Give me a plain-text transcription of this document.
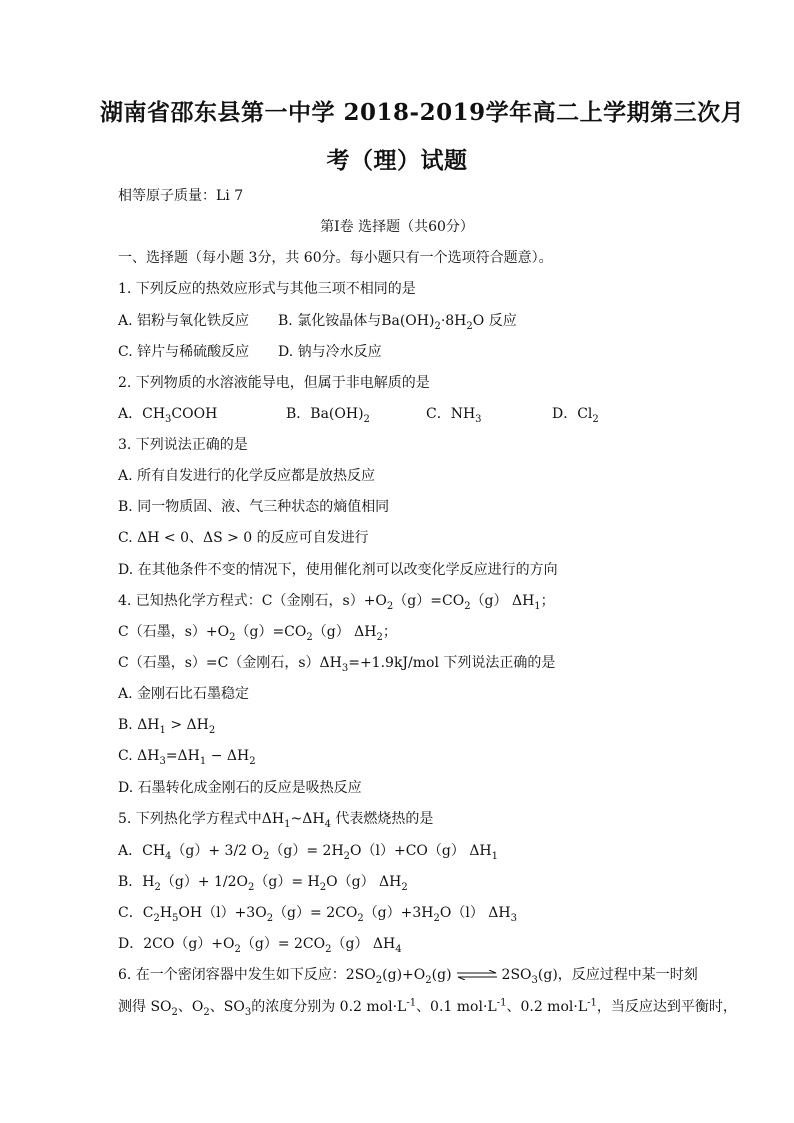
湖南省邵东县第一中学 2018-2019学年高二上学期第三次月
考（理）试题
相等原子质量：Li 7
第Ⅰ卷 选择题（共60分）
一、选择题（每小题 3分，共 60分。每小题只有一个选项符合题意）。
1. 下列反应的热效应形式与其他三项不相同的是
A. 铝粉与氧化铁反应 B. 氯化铵晶体与$Ba(OH)_2\cdot 8H_2O$ 反应
C. 锌片与稀硫酸反应 D. 钠与冷水反应
2. 下列物质的水溶液能导电，但属于非电解质的是
A．$CH_3COOH$	B．$Ba(OH)_2$	C．$NH_3$	D．$Cl_2$
3. 下列说法正确的是
A. 所有自发进行的化学反应都是放热反应
B. 同一物质固、液、气三种状态的熵值相同
C. ΔH < 0、ΔS > 0 的反应可自发进行
D. 在其他条件不变的情况下，使用催化剂可以改变化学反应进行的方向
4. 已知热化学方程式：C（金刚石，$s)+O_2(g)=CO_2(g)$ $\Delta H_1$；
C（石墨，$s)+O_2(g)=CO_2(g)$ $\Delta H_2$；
C（石墨，s）=C（金刚石，$s)\Delta H_3=+1.9kJ$/mol 下列说法正确的是
A. 金刚石比石墨稳定
B. $\Delta H_1 > \Delta H_2$
C. $\Delta H_3=\Delta H_1 - \Delta H_2$
D. 石墨转化成金刚石的反应是吸热反应
5. 下列热化学方程式中$\Delta H_1\sim\Delta H_4$ 代表燃烧热的是
A．$CH_4(g)+ 3/2$ $O_2(g)= 2H_2O(l)+CO(g)$ $\Delta H_1$
B．$H_2(g)+ 1/2O_2(g)= H_2O(g)$ $\Delta H_2$
C．$C_2H_5OH(l)+3O_2(g)= 2CO_2(g)+3H_2O(l)$ $\Delta H_3$
D．$2CO(g)+O_2(g)= 2CO_2(g)$ $\Delta H_4$
6. 在一个密闭容器中发生如下反应：$2SO_2(g)+O_2(g)$ ⇌ $2SO_3(g)$，反应过程中某一时刻
测得 $SO_2$、$O_2$、$SO_3$的浓度分别为 0.2 $mol\cdot L^{-1}$、0.1 $mol\cdot L^{-1}$、0.2 $mol\cdot L^{-1}$，当反应达到平衡时，
